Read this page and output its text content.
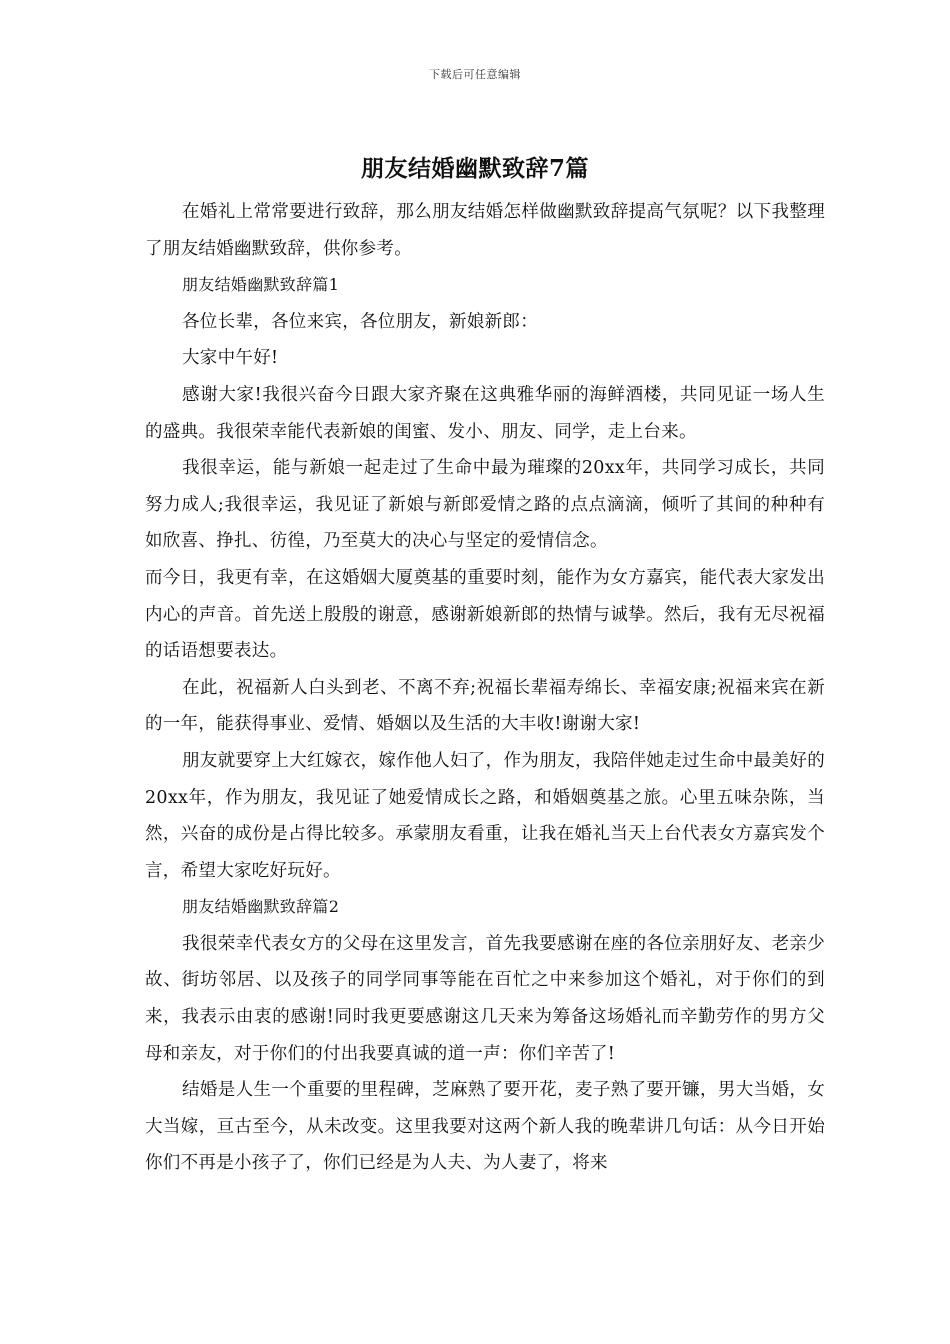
下载后可任意编辑
朋友结婚幽默致辞7篇

在婚礼上常常要进行致辞，那么朋友结婚怎样做幽默致辞提高气氛呢？以下我整理了朋友结婚幽默致辞，供你参考。

朋友结婚幽默致辞篇1

各位长辈，各位来宾，各位朋友，新娘新郎：

大家中午好!

感谢大家!我很兴奋今日跟大家齐聚在这典雅华丽的海鲜酒楼，共同见证一场人生的盛典。我很荣幸能代表新娘的闺蜜、发小、朋友、同学，走上台来。

我很幸运，能与新娘一起走过了生命中最为璀璨的20xx年，共同学习成长，共同努力成人;我很幸运，我见证了新娘与新郎爱情之路的点点滴滴，倾听了其间的种种有如欣喜、挣扎、彷徨，乃至莫大的决心与坚定的爱情信念。

而今日，我更有幸，在这婚姻大厦奠基的重要时刻，能作为女方嘉宾，能代表大家发出内心的声音。首先送上殷殷的谢意，感谢新娘新郎的热情与诚挚。然后，我有无尽祝福的话语想要表达。

在此，祝福新人白头到老、不离不弃;祝福长辈福寿绵长、幸福安康;祝福来宾在新的一年，能获得事业、爱情、婚姻以及生活的大丰收!谢谢大家!

朋友就要穿上大红嫁衣，嫁作他人妇了，作为朋友，我陪伴她走过生命中最美好的20xx年，作为朋友，我见证了她爱情成长之路，和婚姻奠基之旅。心里五味杂陈，当然，兴奋的成份是占得比较多。承蒙朋友看重，让我在婚礼当天上台代表女方嘉宾发个言，希望大家吃好玩好。

朋友结婚幽默致辞篇2

我很荣幸代表女方的父母在这里发言，首先我要感谢在座的各位亲朋好友、老亲少故、街坊邻居、以及孩子的同学同事等能在百忙之中来参加这个婚礼，对于你们的到来，我表示由衷的感谢!同时我更要感谢这几天来为筹备这场婚礼而辛勤劳作的男方父母和亲友，对于你们的付出我要真诚的道一声：你们辛苦了!

结婚是人生一个重要的里程碑，芝麻熟了要开花，麦子熟了要开镰，男大当婚，女大当嫁，亘古至今，从未改变。这里我要对这两个新人我的晚辈讲几句话：从今日开始你们不再是小孩子了，你们已经是为人夫、为人妻了，将来
